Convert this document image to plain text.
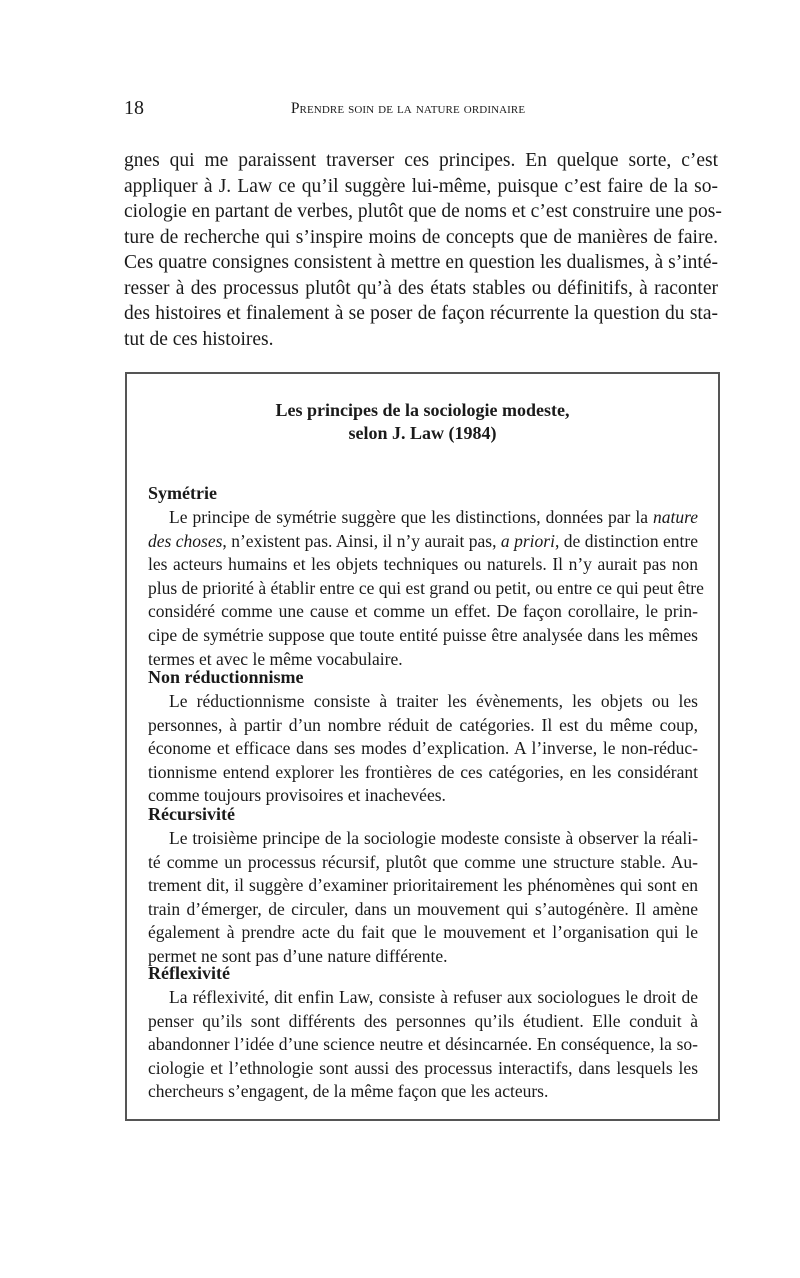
18	Prendre soin de la nature ordinaire
gnes qui me paraissent traverser ces principes. En quelque sorte, c’est
appliquer à J. Law ce qu’il suggère lui-même, puisque c’est faire de la so-
ciologie en partant de verbes, plutôt que de noms et c’est construire une pos-
ture de recherche qui s’inspire moins de concepts que de manières de faire.
Ces quatre consignes consistent à mettre en question les dualismes, à s’inté-
resser à des processus plutôt qu’à des états stables ou définitifs, à raconter
des histoires et finalement à se poser de façon récurrente la question du sta-
tut de ces histoires.
Les principes de la sociologie modeste,
selon J. Law (1984)
Symétrie
Le principe de symétrie suggère que les distinctions, données par la nature
des choses, n’existent pas. Ainsi, il n’y aurait pas, a priori, de distinction entre
les acteurs humains et les objets techniques ou naturels. Il n’y aurait pas non
plus de priorité à établir entre ce qui est grand ou petit, ou entre ce qui peut être
considéré comme une cause et comme un effet. De façon corollaire, le prin-
cipe de symétrie suppose que toute entité puisse être analysée dans les mêmes
termes et avec le même vocabulaire.
Non réductionnisme
Le réductionnisme consiste à traiter les évènements, les objets ou les
personnes, à partir d’un nombre réduit de catégories. Il est du même coup,
économe et efficace dans ses modes d’explication. A l’inverse, le non-réduc-
tionnisme entend explorer les frontières de ces catégories, en les considérant
comme toujours provisoires et inachevées.
Récursivité
Le troisième principe de la sociologie modeste consiste à observer la réali-
té comme un processus récursif, plutôt que comme une structure stable. Au-
trement dit, il suggère d’examiner prioritairement les phénomènes qui sont en
train d’émerger, de circuler, dans un mouvement qui s’autogénère. Il amène
également à prendre acte du fait que le mouvement et l’organisation qui le
permet ne sont pas d’une nature différente.
Réflexivité
La réflexivité, dit enfin Law, consiste à refuser aux sociologues le droit de
penser qu’ils sont différents des personnes qu’ils étudient. Elle conduit à
abandonner l’idée d’une science neutre et désincarnée. En conséquence, la so-
ciologie et l’ethnologie sont aussi des processus interactifs, dans lesquels les
chercheurs s’engagent, de la même façon que les acteurs.
